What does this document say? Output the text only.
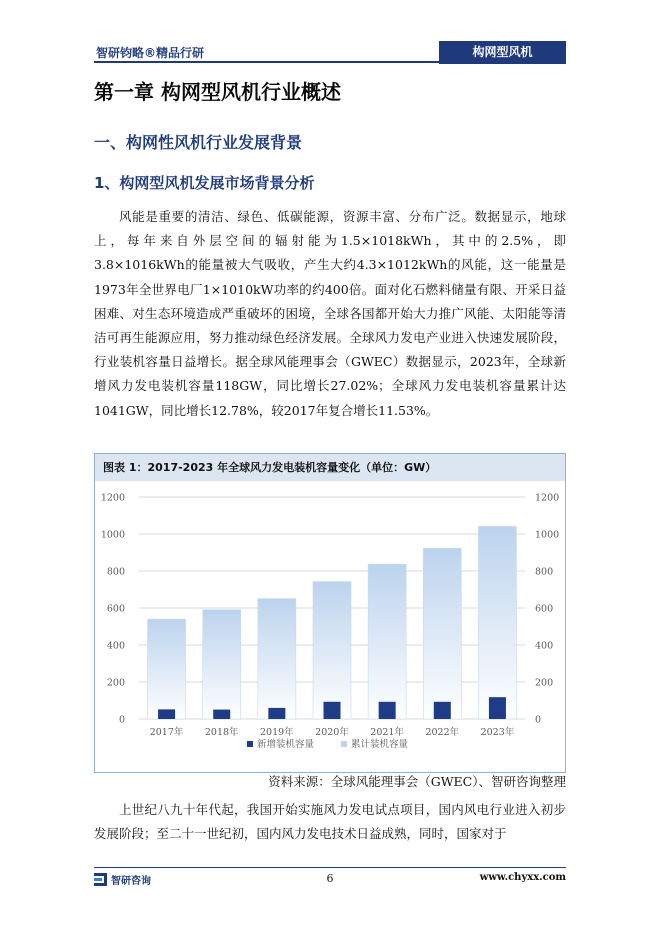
智研钧略®精品行研	构网型风机
第一章 构网型风机行业概述
一、构网性风机行业发展背景
1、构网型风机发展市场背景分析

风能是重要的清洁、绿色、低碳能源，资源丰富、分布广泛。数据显示，地球上，每年来自外层空间的辐射能为1.5×1018kWh，其中的2.5%，即3.8×1016kWh的能量被大气吸收，产生大约4.3×1012kWh的风能，这一能量是1973年全世界电厂1×1010kW功率的约400倍。面对化石燃料储量有限、开采日益困难、对生态环境造成严重破坏的困境，全球各国都开始大力推广风能、太阳能等清洁可再生能源应用，努力推动绿色经济发展。全球风力发电产业进入快速发展阶段，行业装机容量日益增长。据全球风能理事会（GWEC）数据显示，2023年，全球新增风力发电装机容量118GW，同比增长27.02%；全球风力发电装机容量累计达1041GW，同比增长12.78%，较2017年复合增长11.53%。

图表 1：2017-2023 年全球风力发电装机容量变化（单位：GW）
0	0
200	200
400	400
600	600
800	800
1000	1000
1200	1200
2017年 2018年 2019年 2020年 2021年 2022年 2023年
新增装机容量	累计装机容量
资料来源：全球风能理事会（GWEC）、智研咨询整理

上世纪八九十年代起，我国开始实施风力发电试点项目，国内风电行业进入初步发展阶段；至二十一世纪初，国内风力发电技术日益成熟，同时，国家对于

智研咨询	6	www.chyxx.com
